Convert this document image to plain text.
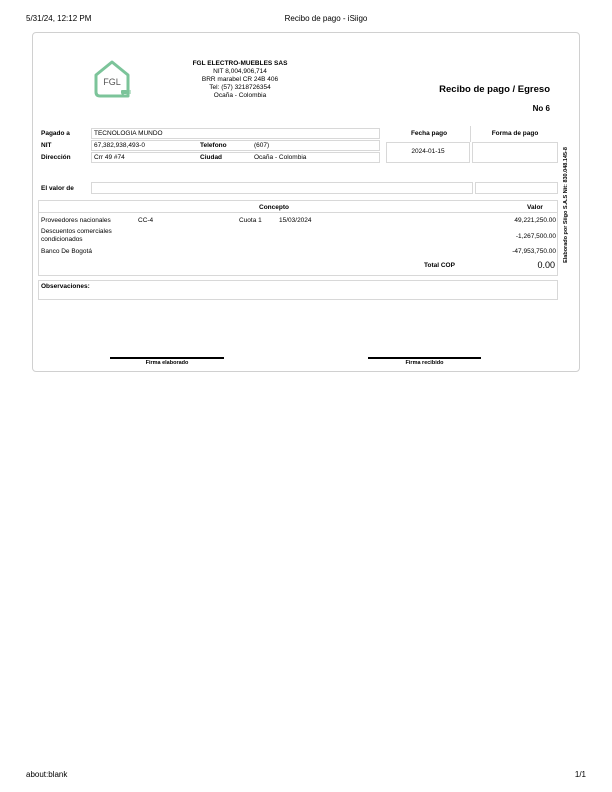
5/31/24, 12:12 PM	Recibo de pago - iSiigo
FGL
FGL ELECTRO-MUEBLES SAS
NIT 8,004,906,714
BRR marabel CR 24B 406
Tel: (57) 3218726354
Ocaña - Colombia
Recibo de pago / Egreso
No 6
Pagado a	TECNOLOGIA MUNDO
NIT	67,382,938,493-0	Telefono	(607)
Dirección	Crr 49 #74	Ciudad	Ocaña - Colombia
Fecha pago	Forma de pago
2024-01-15
El valor de
Concepto	Valor
Proveedores nacionales	CC-4	Cuota 1	15/03/2024	49,221,250.00
Descuentos comerciales condicionados	-1,267,500.00
Banco De Bogotá	-47,953,750.00
Total COP	0.00
Observaciones:
Firma elaborado	Firma recibido
Elaborado por Siigo S.A.S Nit: 830.048.145-8
about:blank	1/1
